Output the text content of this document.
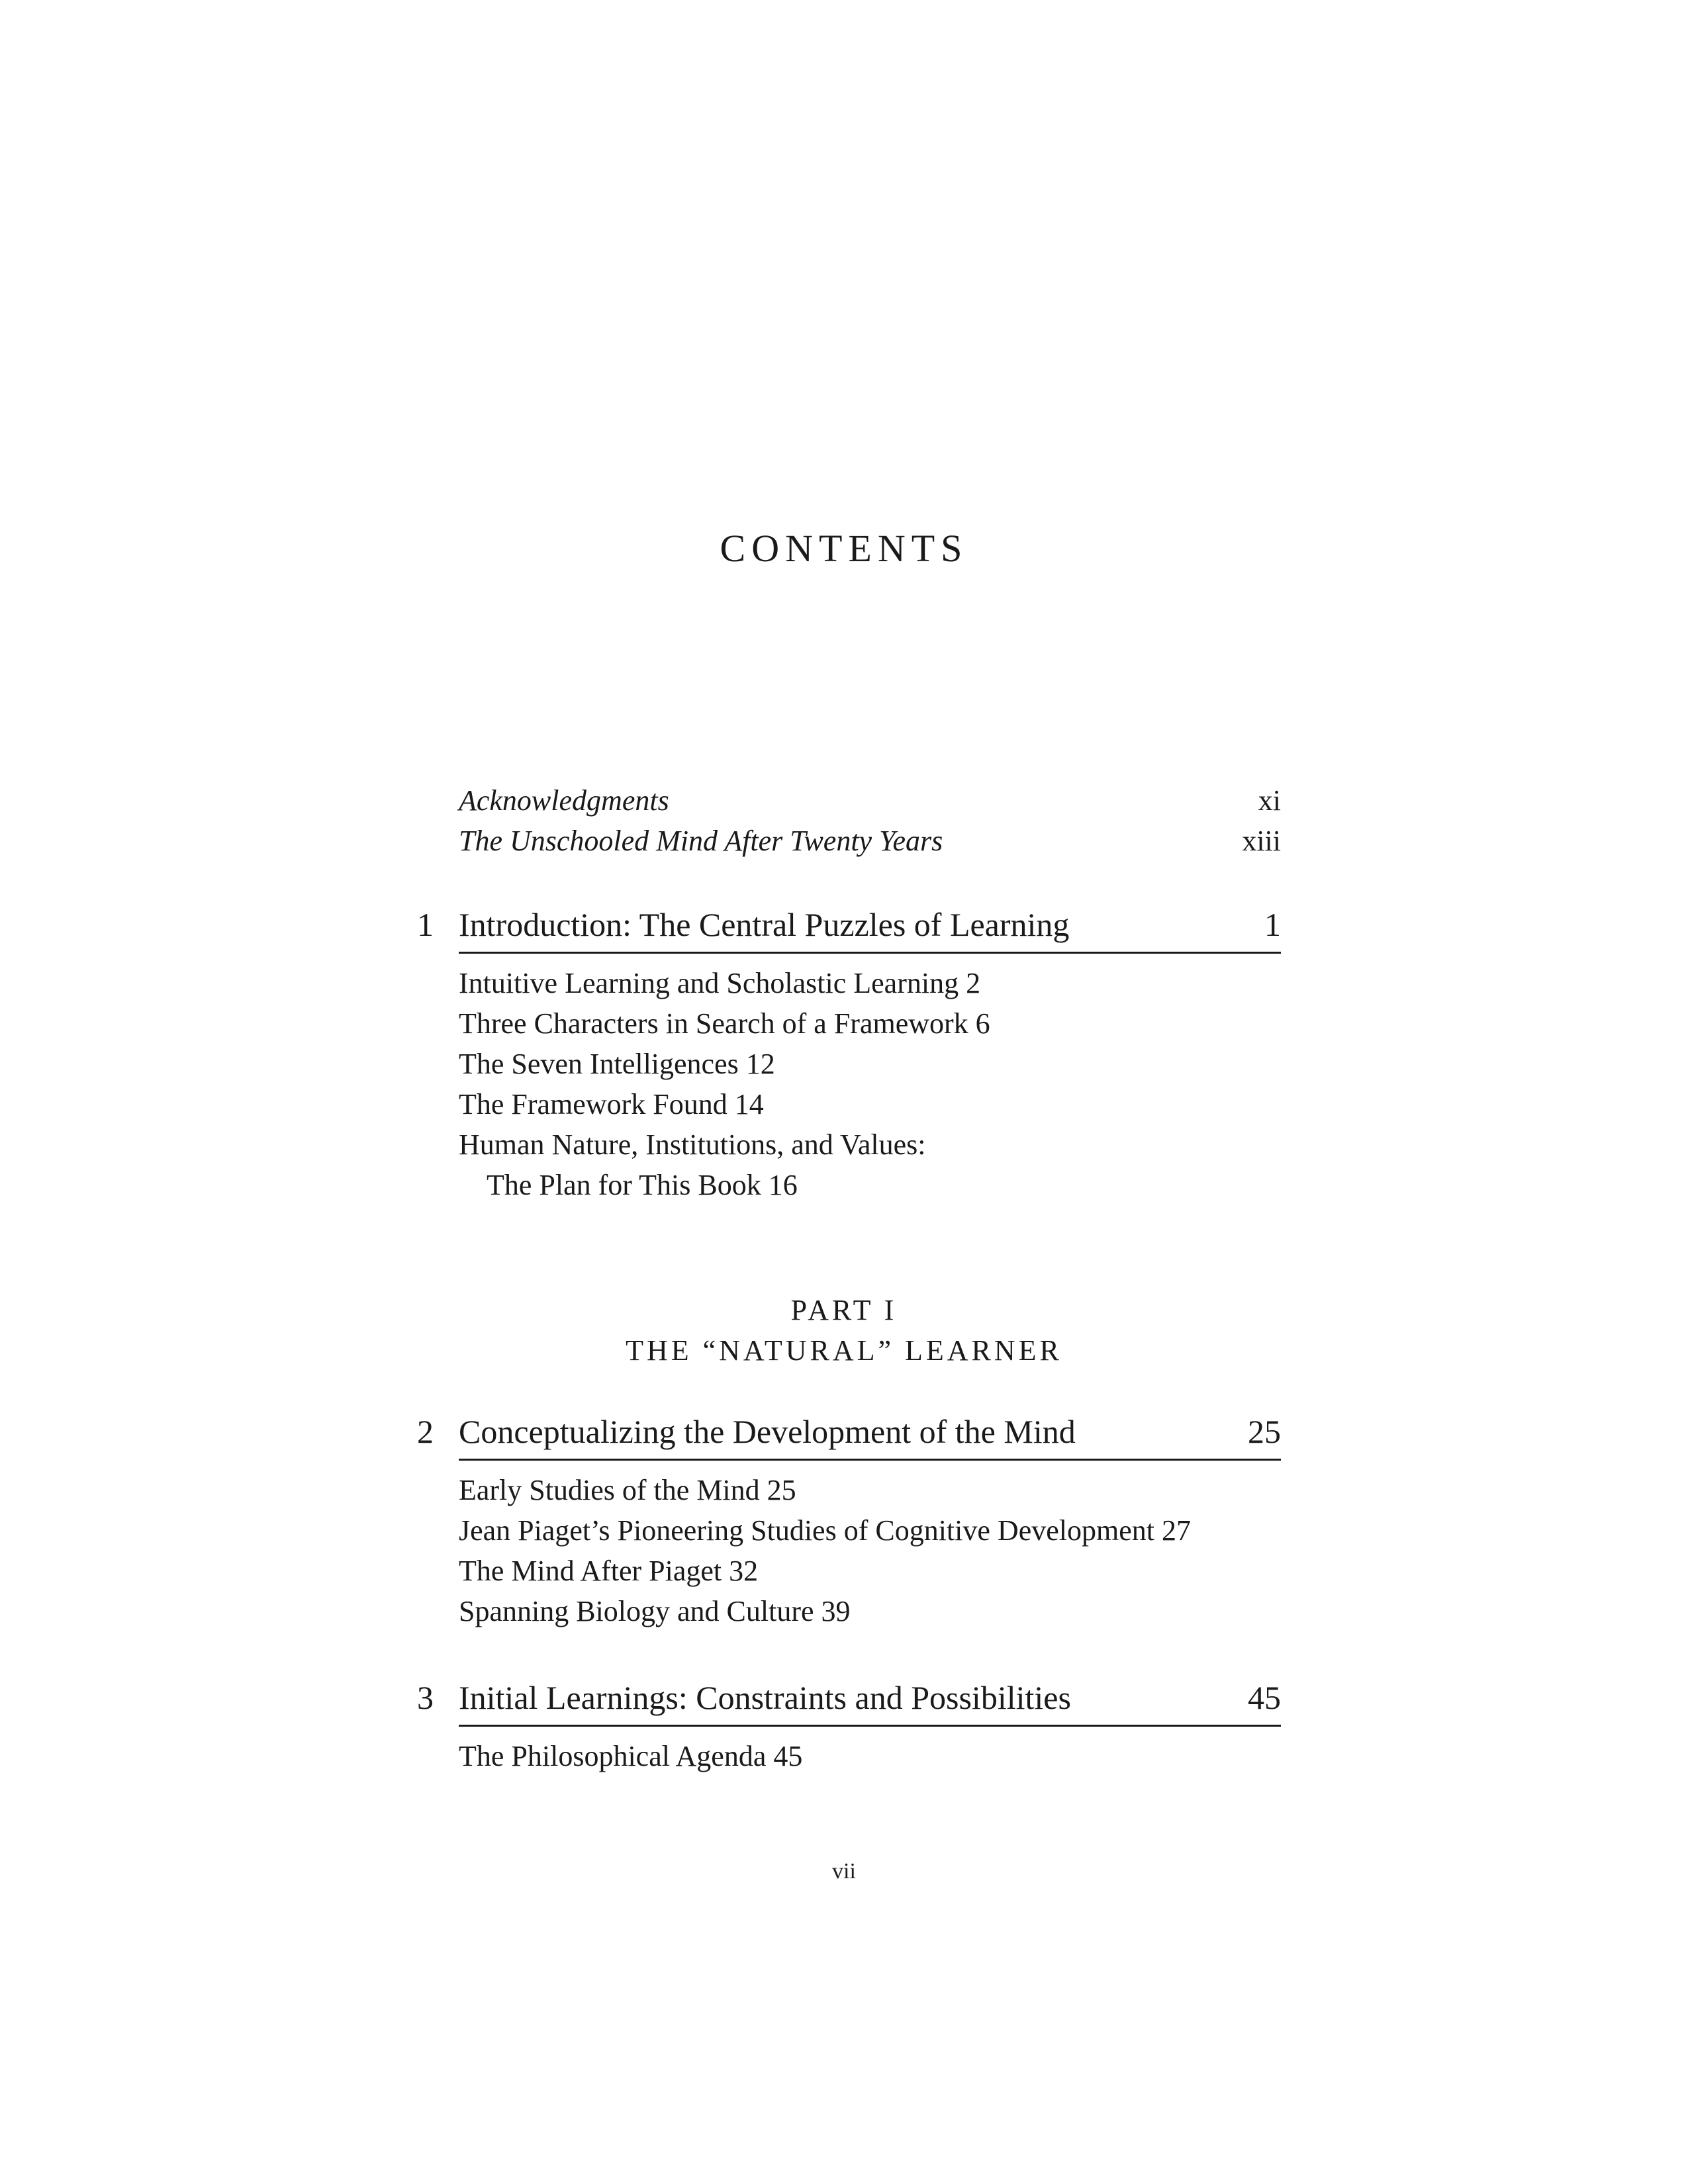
CONTENTS
Acknowledgments	xi
The Unschooled Mind After Twenty Years	xiii
1 Introduction: The Central Puzzles of Learning	1
Intuitive Learning and Scholastic Learning 2
Three Characters in Search of a Framework 6
The Seven Intelligences 12
The Framework Found 14
Human Nature, Institutions, and Values:
The Plan for This Book 16
PART I
THE “NATURAL” LEARNER
2 Conceptualizing the Development of the Mind	25
Early Studies of the Mind 25
Jean Piaget’s Pioneering Studies of Cognitive Development 27
The Mind After Piaget 32
Spanning Biology and Culture 39
3 Initial Learnings: Constraints and Possibilities	45
The Philosophical Agenda 45
vii
